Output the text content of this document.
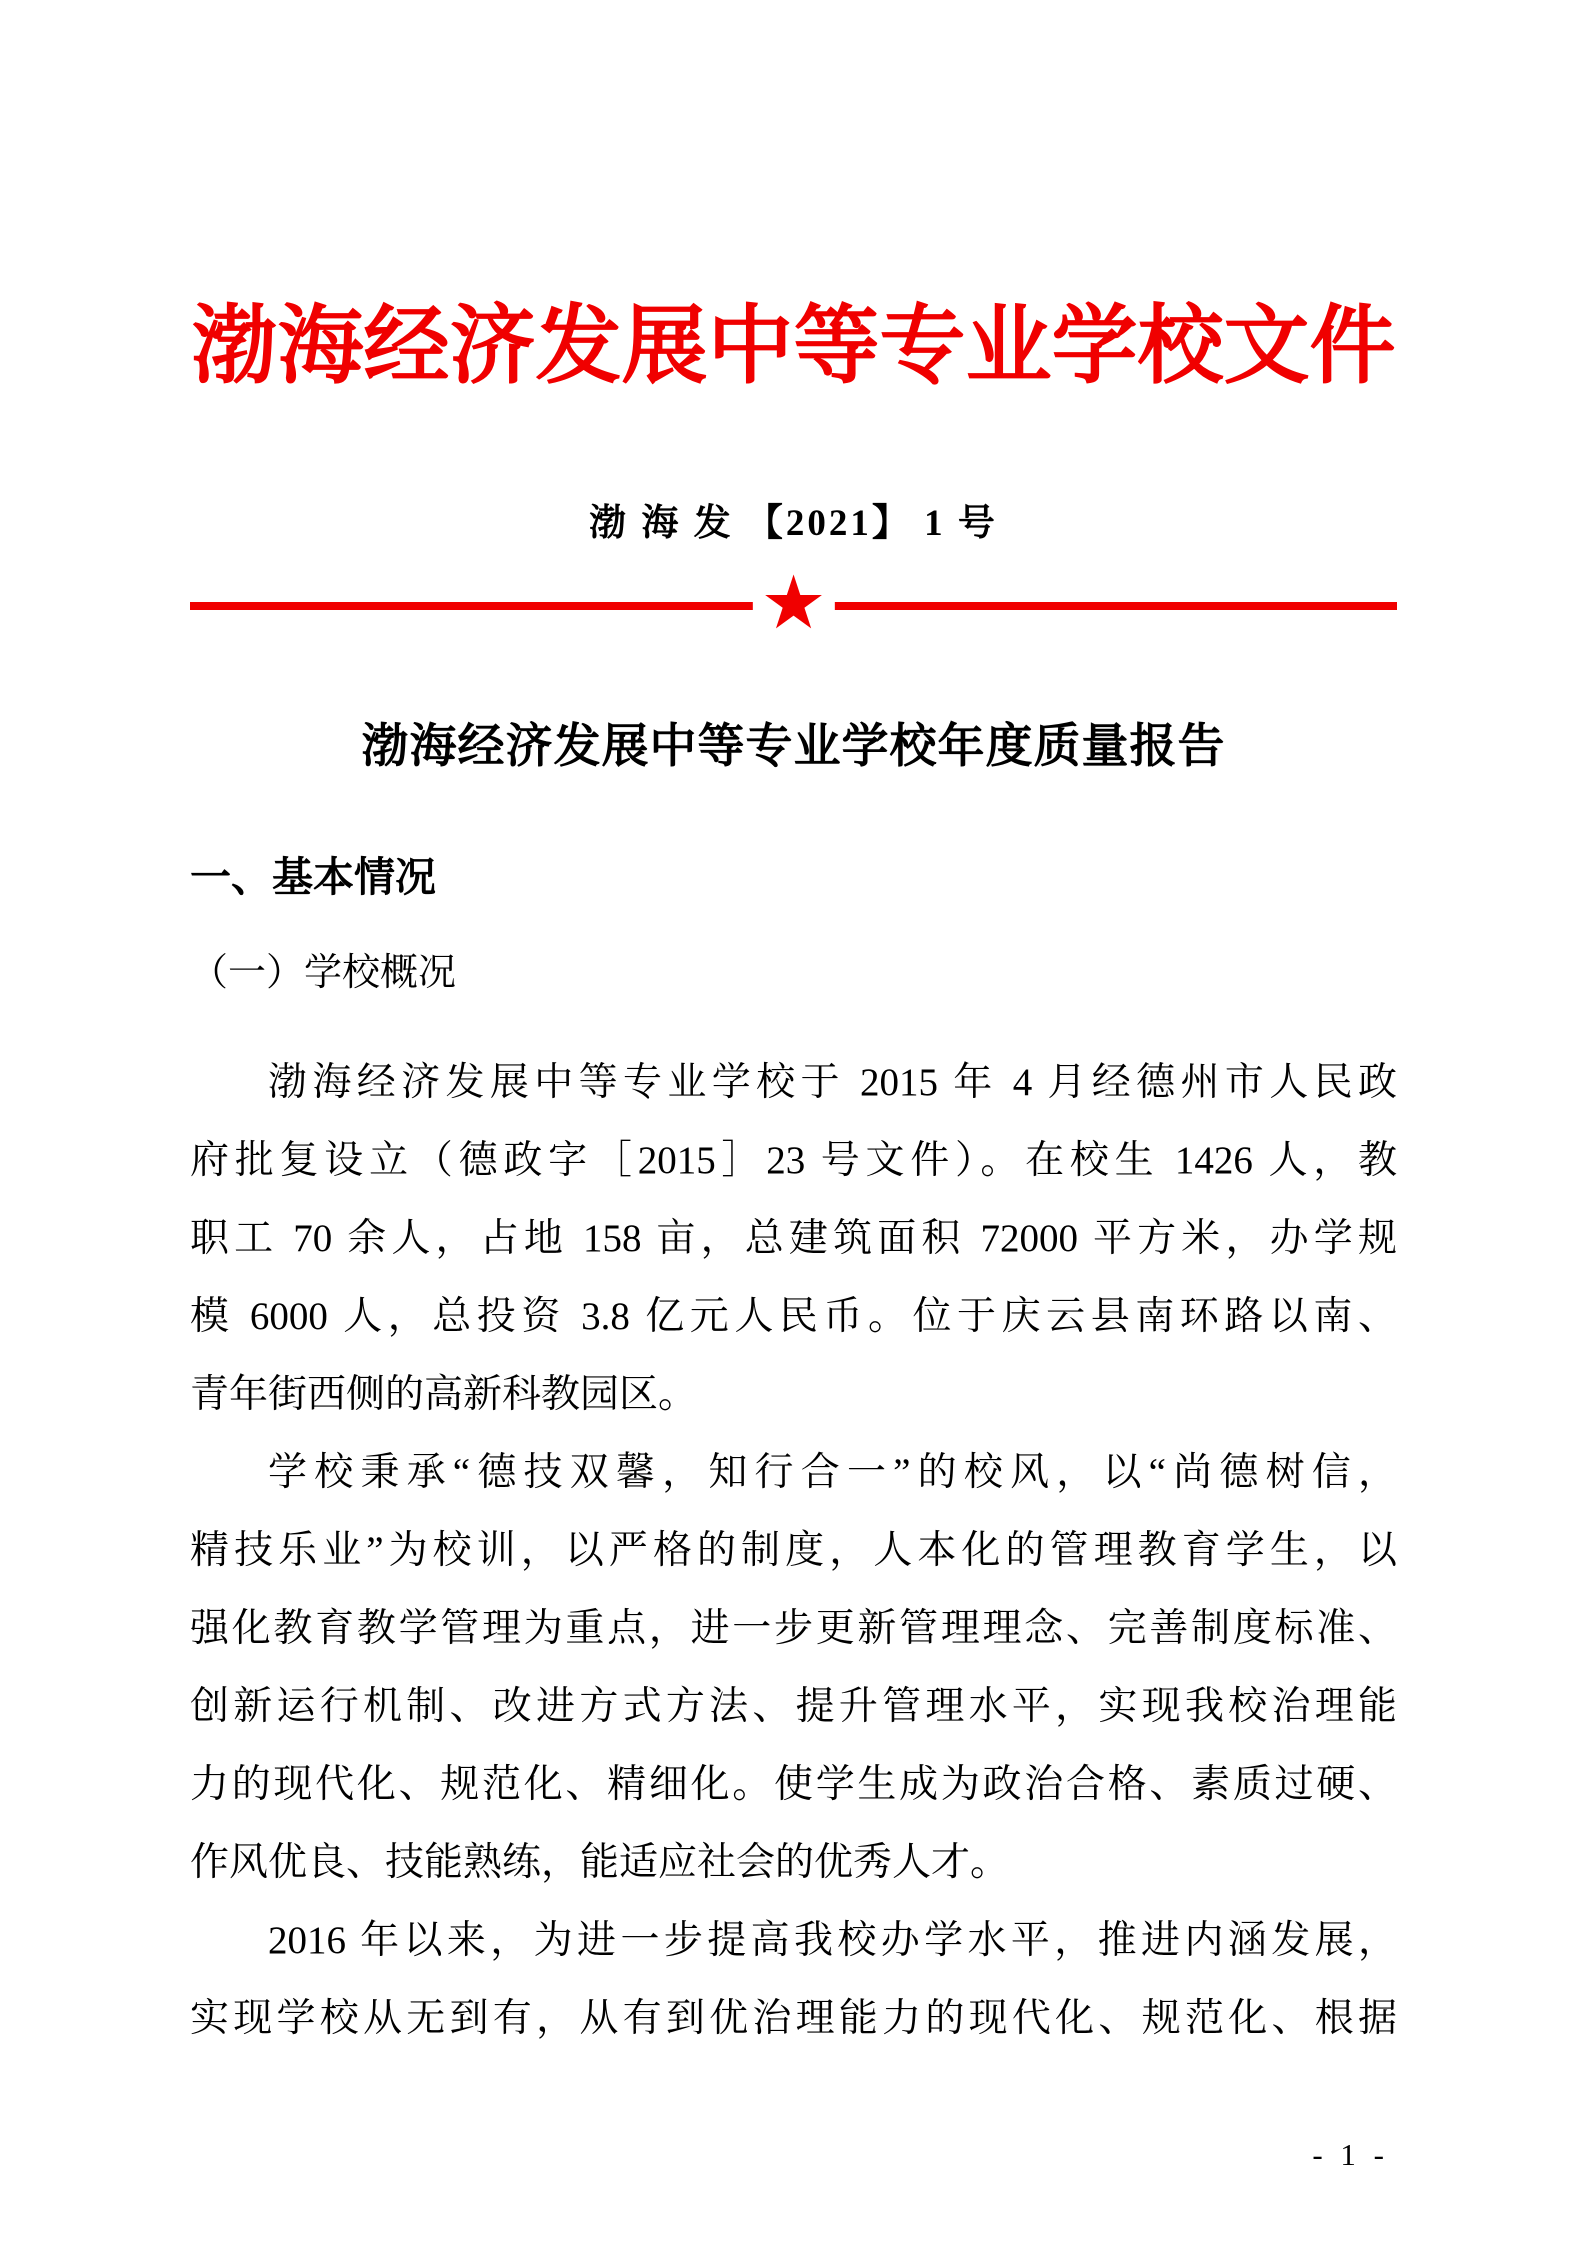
渤海经济发展中等专业学校文件
渤 海 发 【2021】 1 号
★
渤海经济发展中等专业学校年度质量报告
一、基本情况
（一）学校概况
渤海经济发展中等专业学校于 2015 年 4 月经德州市人民政
府批复设立（德政字［2015］23 号文件）。在校生 1426 人，教
职工 70 余人，占地 158 亩，总建筑面积 72000 平方米，办学规
模 6000 人，总投资 3.8 亿元人民币。位于庆云县南环路以南、
青年街西侧的高新科教园区。
学校秉承“德技双馨，知行合一”的校风，以“尚德树信，
精技乐业”为校训，以严格的制度，人本化的管理教育学生，以
强化教育教学管理为重点，进一步更新管理理念、完善制度标准、
创新运行机制、改进方式方法、提升管理水平，实现我校治理能
力的现代化、规范化、精细化。使学生成为政治合格、素质过硬、
作风优良、技能熟练，能适应社会的优秀人才。
2016 年以来，为进一步提高我校办学水平，推进内涵发展，
实现学校从无到有，从有到优治理能力的现代化、规范化、根据
- 1 -
